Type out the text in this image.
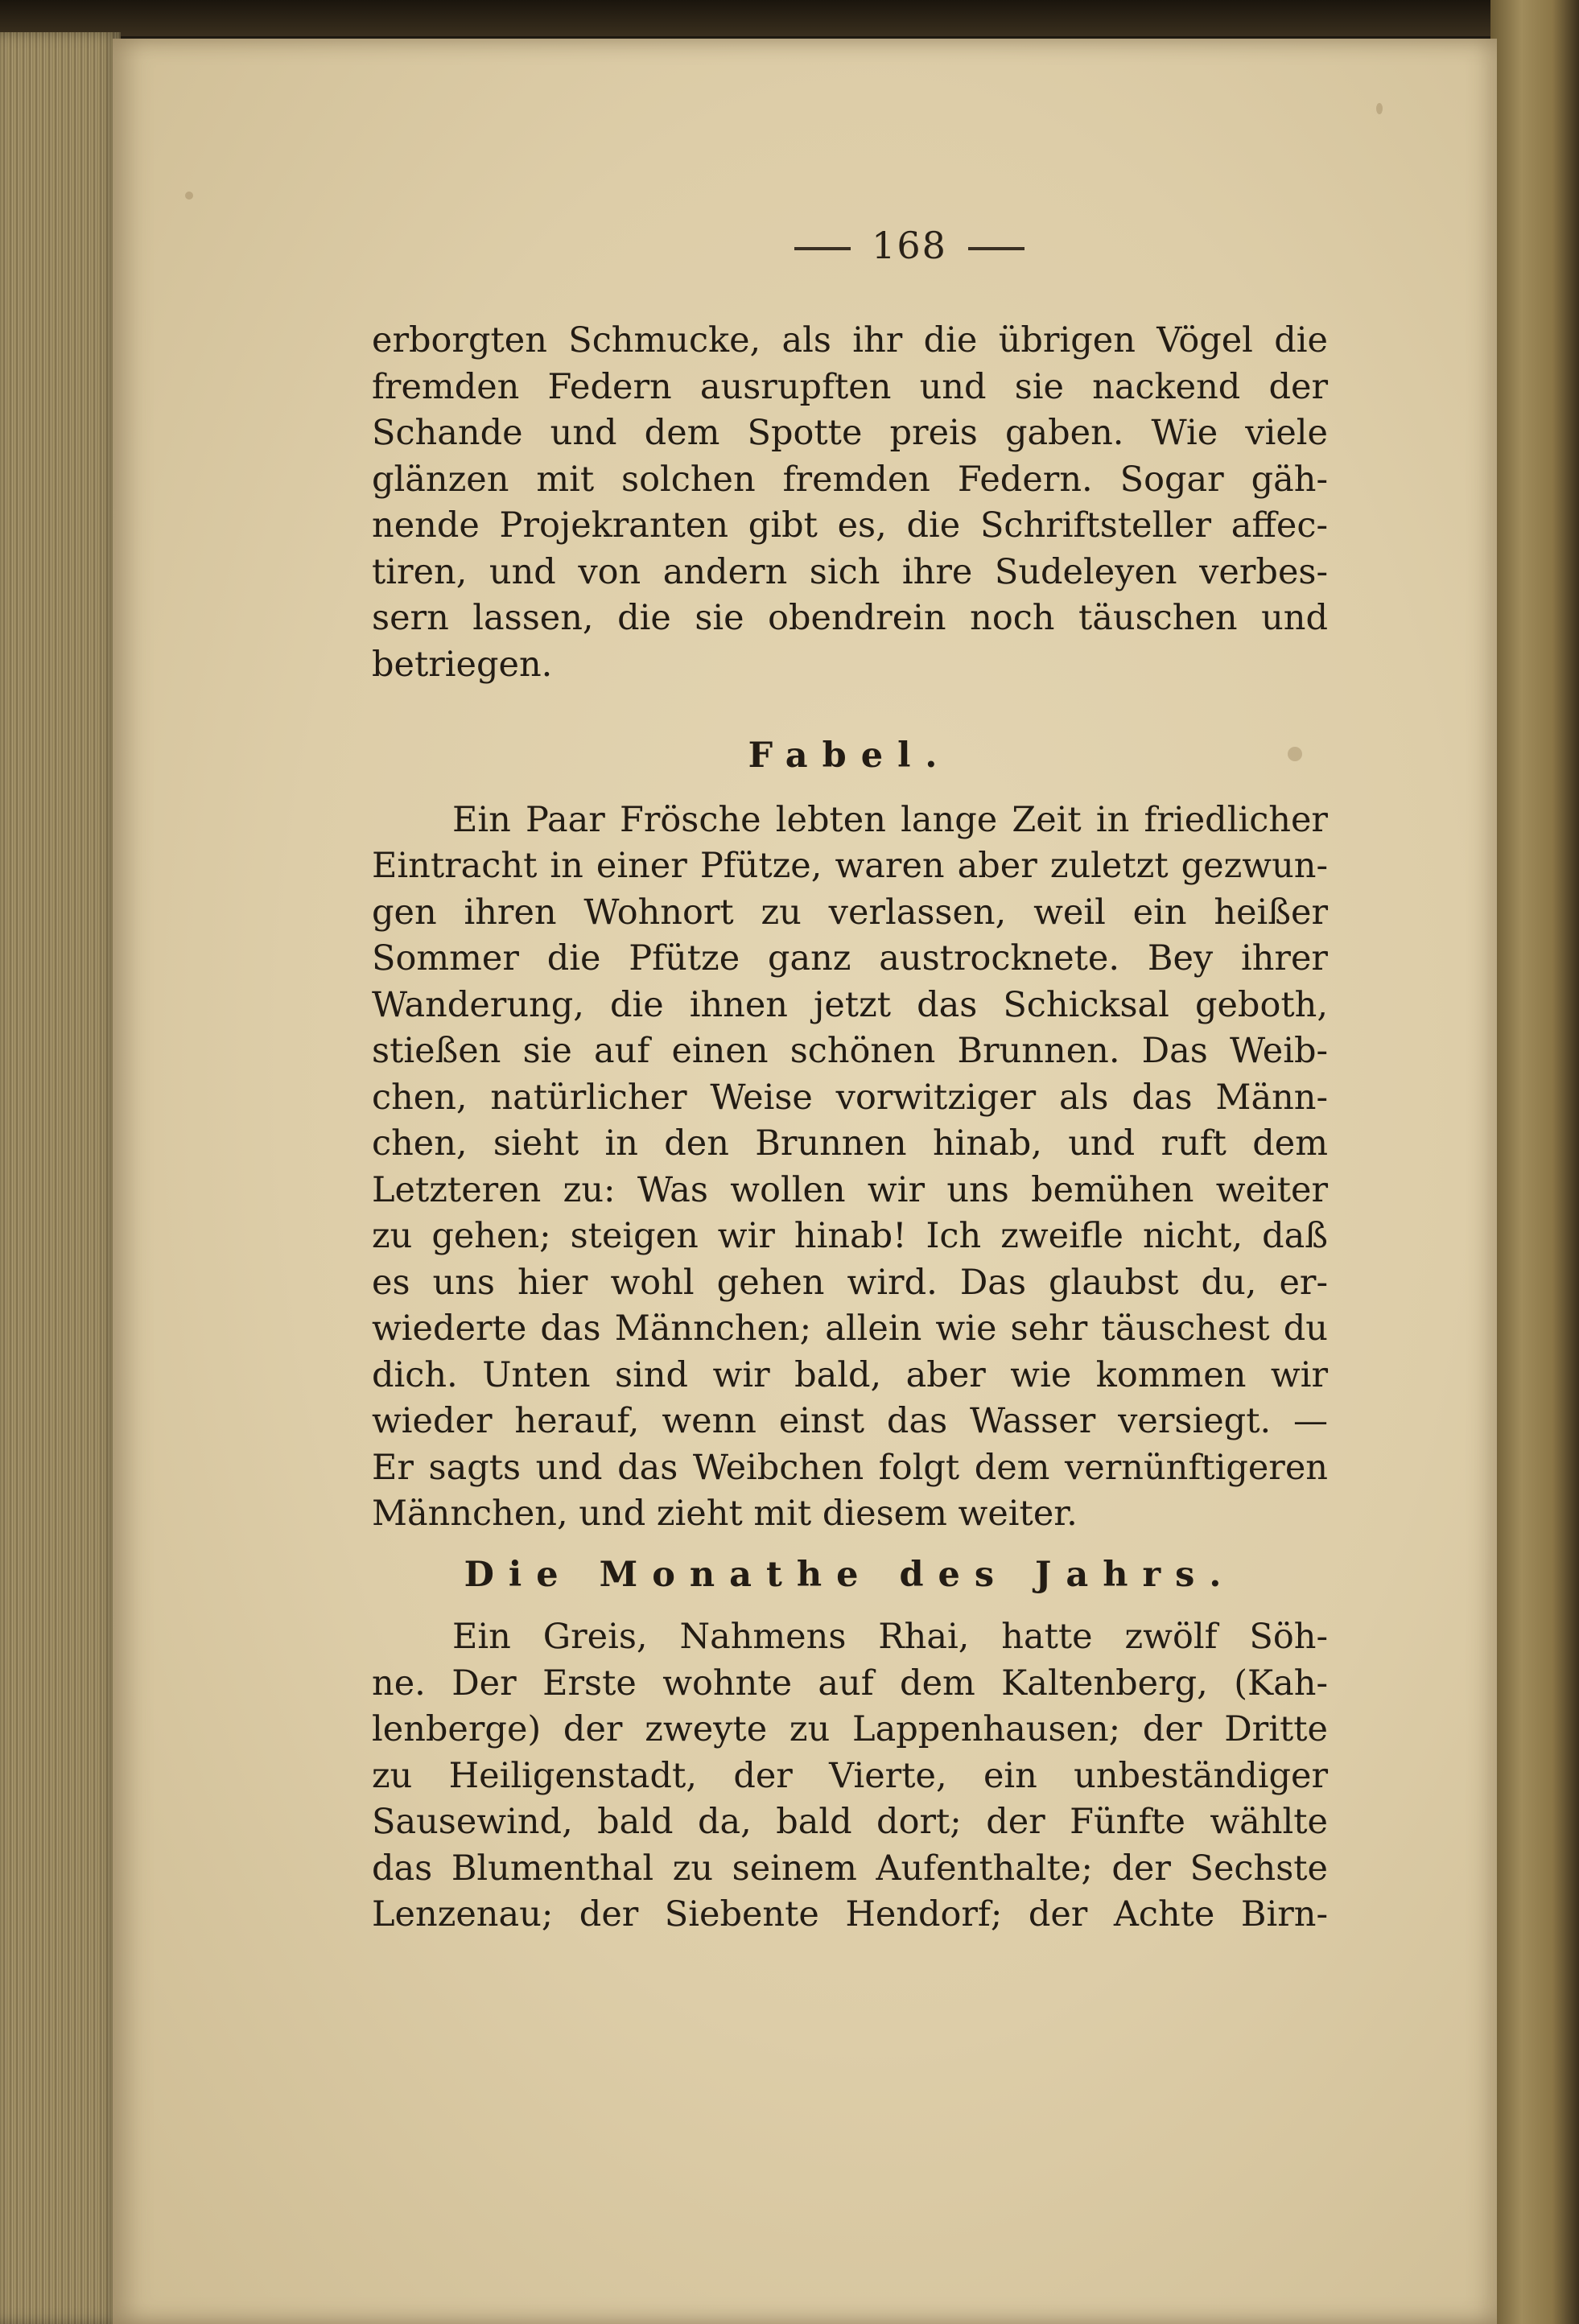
168
erborgten Schmucke, als ihr die übrigen Vögel die
fremden Federn ausrupften und sie nackend der
Schande und dem Spotte preis gaben. Wie viele
glänzen mit solchen fremden Federn. Sogar gäh-
nende Projekranten gibt es, die Schriftsteller affec-
tiren, und von andern sich ihre Sudeleyen verbes-
sern lassen, die sie obendrein noch täuschen und
betriegen.
Fabel.
Ein Paar Frösche lebten lange Zeit in friedlicher
Eintracht in einer Pfütze, waren aber zuletzt gezwun-
gen ihren Wohnort zu verlassen, weil ein heißer
Sommer die Pfütze ganz austrocknete. Bey ihrer
Wanderung, die ihnen jetzt das Schicksal geboth,
stießen sie auf einen schönen Brunnen. Das Weib-
chen, natürlicher Weise vorwitziger als das Männ-
chen, sieht in den Brunnen hinab, und ruft dem
Letzteren zu: Was wollen wir uns bemühen weiter
zu gehen; steigen wir hinab! Ich zweifle nicht, daß
es uns hier wohl gehen wird. Das glaubst du, er-
wiederte das Männchen; allein wie sehr täuschest du
dich. Unten sind wir bald, aber wie kommen wir
wieder herauf, wenn einst das Wasser versiegt. —
Er sagts und das Weibchen folgt dem vernünftigeren
Männchen, und zieht mit diesem weiter.
Die Monathe des Jahrs.
Ein Greis, Nahmens Rhai, hatte zwölf Söh-
ne. Der Erste wohnte auf dem Kaltenberg, (Kah-
lenberge) der zweyte zu Lappenhausen; der Dritte
zu Heiligenstadt, der Vierte, ein unbeständiger
Sausewind, bald da, bald dort; der Fünfte wählte
das Blumenthal zu seinem Aufenthalte; der Sechste
Lenzenau; der Siebente Hendorf; der Achte Birn-
